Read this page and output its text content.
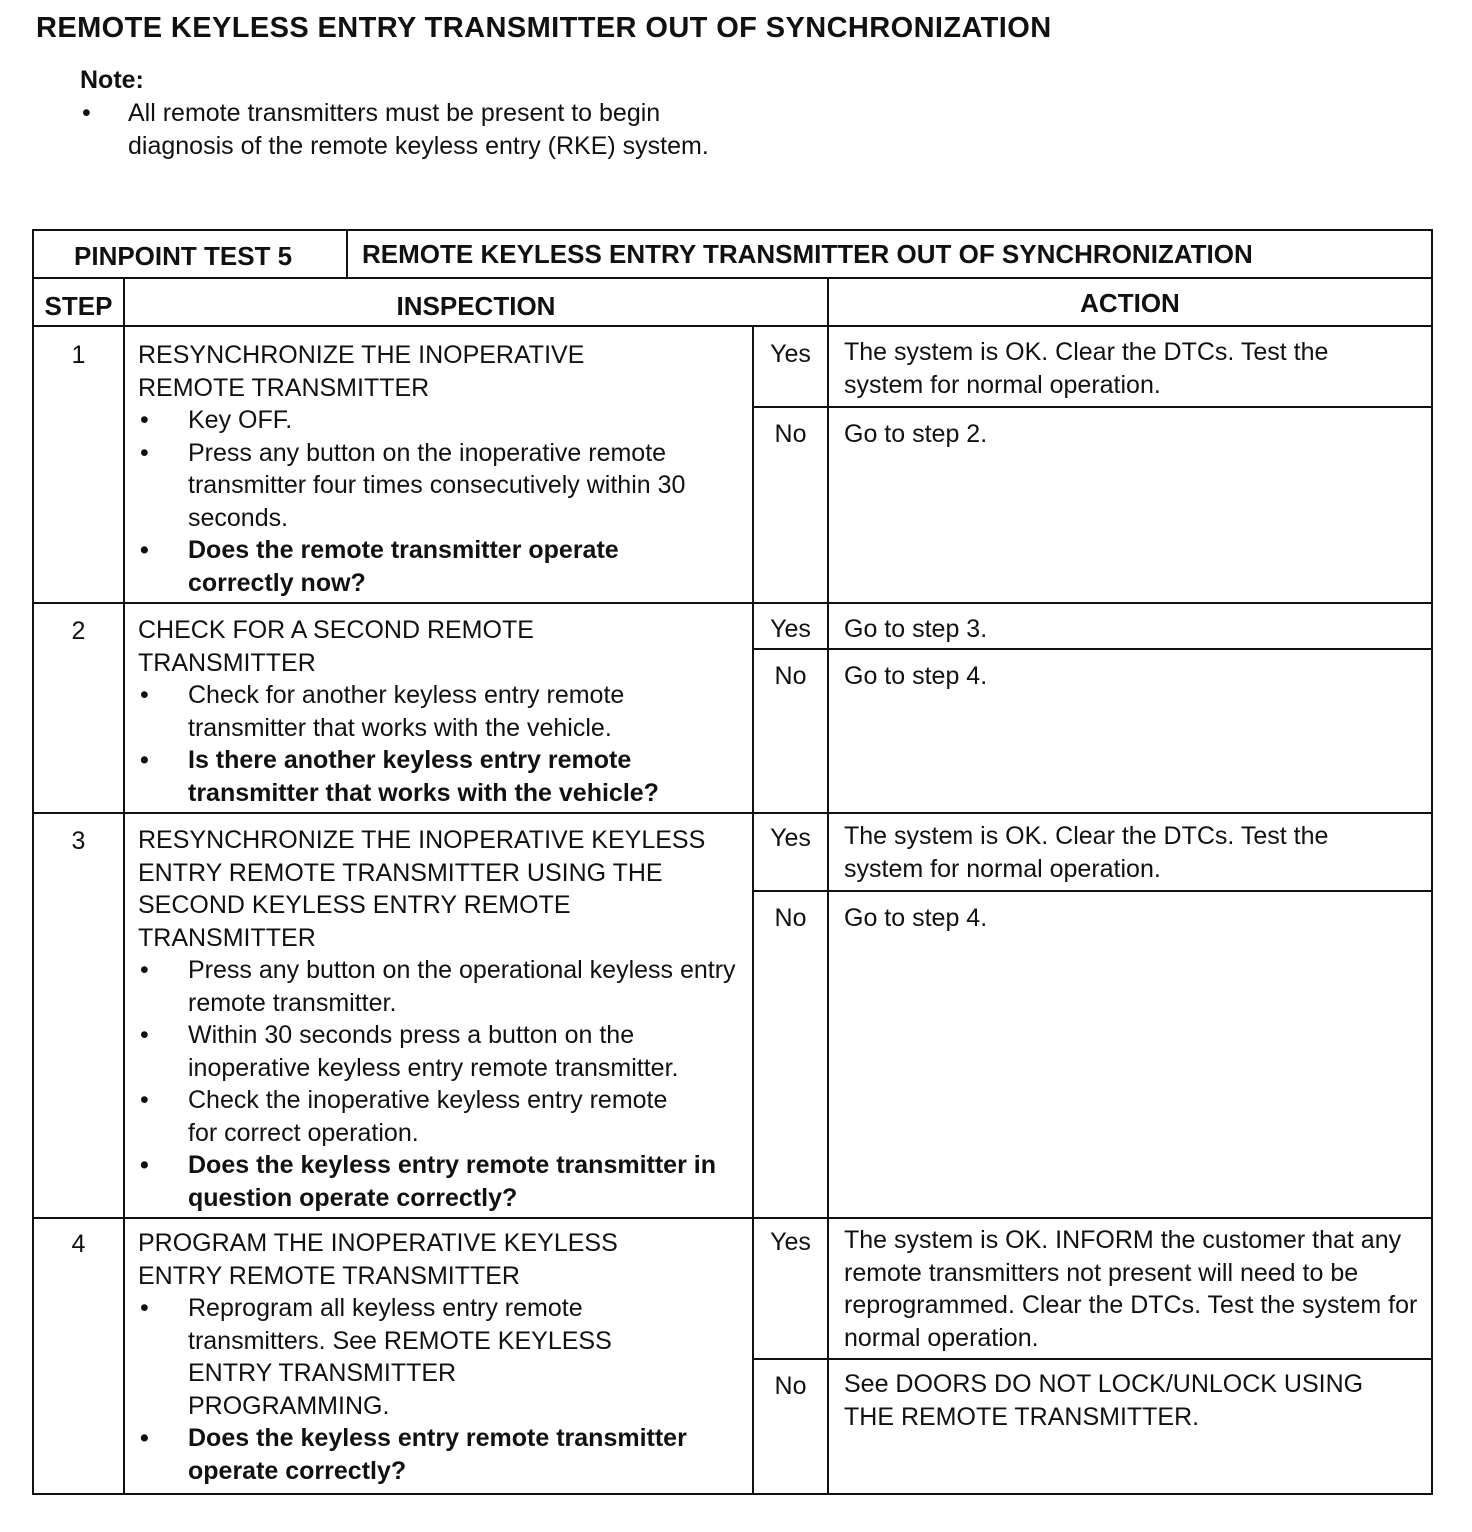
REMOTE KEYLESS ENTRY TRANSMITTER OUT OF SYNCHRONIZATION
Note:
• All remote transmitters must be present to begin diagnosis of the remote keyless entry (RKE) system.
PINPOINT TEST 5	REMOTE KEYLESS ENTRY TRANSMITTER OUT OF SYNCHRONIZATION
STEP	INSPECTION	ACTION
1	RESYNCHRONIZE THE INOPERATIVE REMOTE TRANSMITTER
• Key OFF.
• Press any button on the inoperative remote transmitter four times consecutively within 30 seconds.
• Does the remote transmitter operate correctly now?
Yes	The system is OK. Clear the DTCs. Test the system for normal operation.
No	Go to step 2.
2	CHECK FOR A SECOND REMOTE TRANSMITTER
• Check for another keyless entry remote transmitter that works with the vehicle.
• Is there another keyless entry remote transmitter that works with the vehicle?
Yes	Go to step 3.
No	Go to step 4.
3	RESYNCHRONIZE THE INOPERATIVE KEYLESS ENTRY REMOTE TRANSMITTER USING THE SECOND KEYLESS ENTRY REMOTE TRANSMITTER
• Press any button on the operational keyless entry remote transmitter.
• Within 30 seconds press a button on the inoperative keyless entry remote transmitter.
• Check the inoperative keyless entry remote for correct operation.
• Does the keyless entry remote transmitter in question operate correctly?
Yes	The system is OK. Clear the DTCs. Test the system for normal operation.
No	Go to step 4.
4	PROGRAM THE INOPERATIVE KEYLESS ENTRY REMOTE TRANSMITTER
• Reprogram all keyless entry remote transmitters. See REMOTE KEYLESS ENTRY TRANSMITTER PROGRAMMING.
• Does the keyless entry remote transmitter operate correctly?
Yes	The system is OK. INFORM the customer that any remote transmitters not present will need to be reprogrammed. Clear the DTCs. Test the system for normal operation.
No	See DOORS DO NOT LOCK/UNLOCK USING THE REMOTE TRANSMITTER.
